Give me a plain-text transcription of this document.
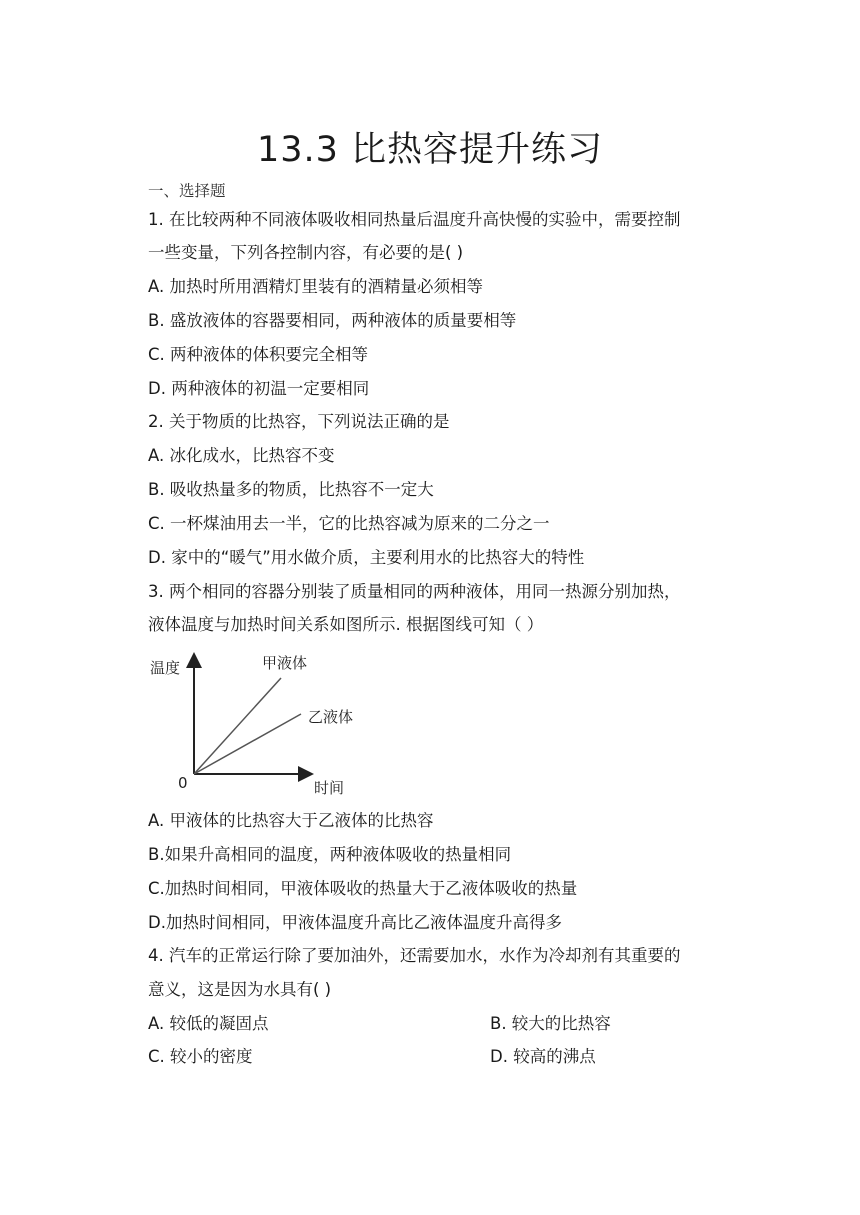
13.3 比热容提升练习
一、选择题
1. 在比较两种不同液体吸收相同热量后温度升高快慢的实验中，需要控制
一些变量，下列各控制内容，有必要的是( )
A. 加热时所用酒精灯里装有的酒精量必须相等
B. 盛放液体的容器要相同，两种液体的质量要相等
C. 两种液体的体积要完全相等
D. 两种液体的初温一定要相同
2. 关于物质的比热容，下列说法正确的是
A. 冰化成水，比热容不变
B. 吸收热量多的物质，比热容不一定大
C. 一杯煤油用去一半，它的比热容减为原来的二分之一
D. 家中的“暖气”用水做介质，主要利用水的比热容大的特性
3. 两个相同的容器分别装了质量相同的两种液体，用同一热源分别加热，
液体温度与加热时间关系如图所示. 根据图线可知（ ）
温度
时间
0
甲液体
乙液体
A. 甲液体的比热容大于乙液体的比热容
B.如果升高相同的温度，两种液体吸收的热量相同
C.加热时间相同，甲液体吸收的热量大于乙液体吸收的热量
D.加热时间相同，甲液体温度升高比乙液体温度升高得多
4. 汽车的正常运行除了要加油外，还需要加水，水作为冷却剂有其重要的
意义，这是因为水具有( )
A. 较低的凝固点	B. 较大的比热容
C. 较小的密度	D. 较高的沸点
